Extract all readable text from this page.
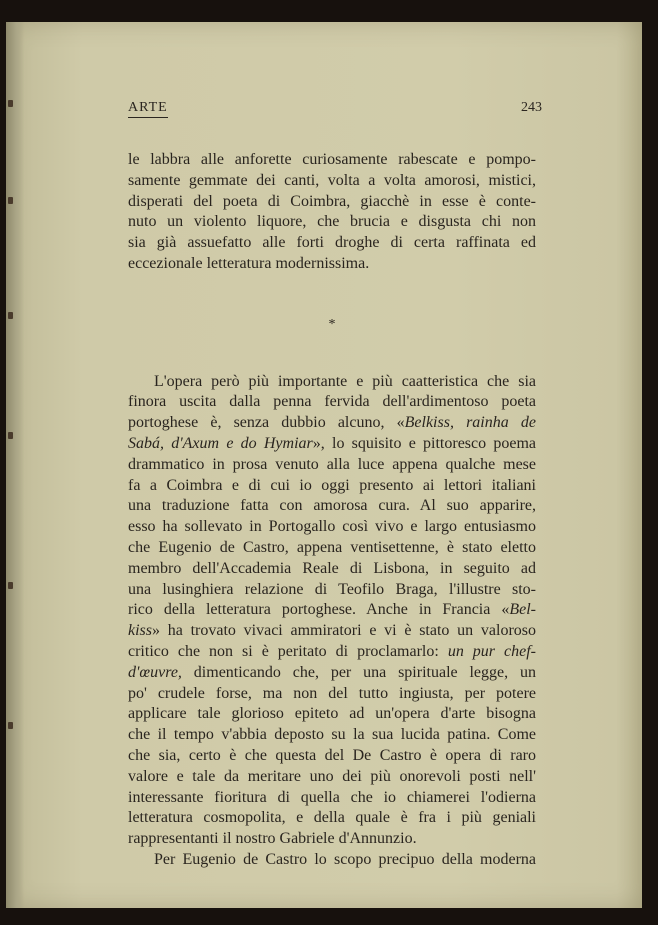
ARTE	243
le labbra alle anforette curiosamente rabescate e pompo-
samente gemmate dei canti, volta a volta amorosi, mistici,
disperati del poeta di Coimbra, giacchè in esse è conte-
nuto un violento liquore, che brucia e disgusta chi non
sia già assuefatto alle forti droghe di certa raffinata ed
eccezionale letteratura modernissima.
*
L'opera però più importante e più caatteristica che sia
finora uscita dalla penna fervida dell'ardimentoso poeta
portoghese è, senza dubbio alcuno, «Belkiss, rainha de
Sabá, d'Axum e do Hymiar», lo squisito e pittoresco poema
drammatico in prosa venuto alla luce appena qualche mese
fa a Coimbra e di cui io oggi presento ai lettori italiani
una traduzione fatta con amorosa cura. Al suo apparire,
esso ha sollevato in Portogallo così vivo e largo entusiasmo
che Eugenio de Castro, appena ventisettenne, è stato eletto
membro dell'Accademia Reale di Lisbona, in seguito ad
una lusinghiera relazione di Teofilo Braga, l'illustre sto-
rico della letteratura portoghese. Anche in Francia «Bel-
kiss» ha trovato vivaci ammiratori e vi è stato un valoroso
critico che non si è peritato di proclamarlo: un pur chef-
d'œuvre, dimenticando che, per una spirituale legge, un
po' crudele forse, ma non del tutto ingiusta, per potere
applicare tale glorioso epiteto ad un'opera d'arte bisogna
che il tempo v'abbia deposto su la sua lucida patina. Come
che sia, certo è che questa del De Castro è opera di raro
valore e tale da meritare uno dei più onorevoli posti nell'
interessante fioritura di quella che io chiamerei l'odierna
letteratura cosmopolita, e della quale è fra i più geniali
rappresentanti il nostro Gabriele d'Annunzio.
Per Eugenio de Castro lo scopo precipuo della moderna
